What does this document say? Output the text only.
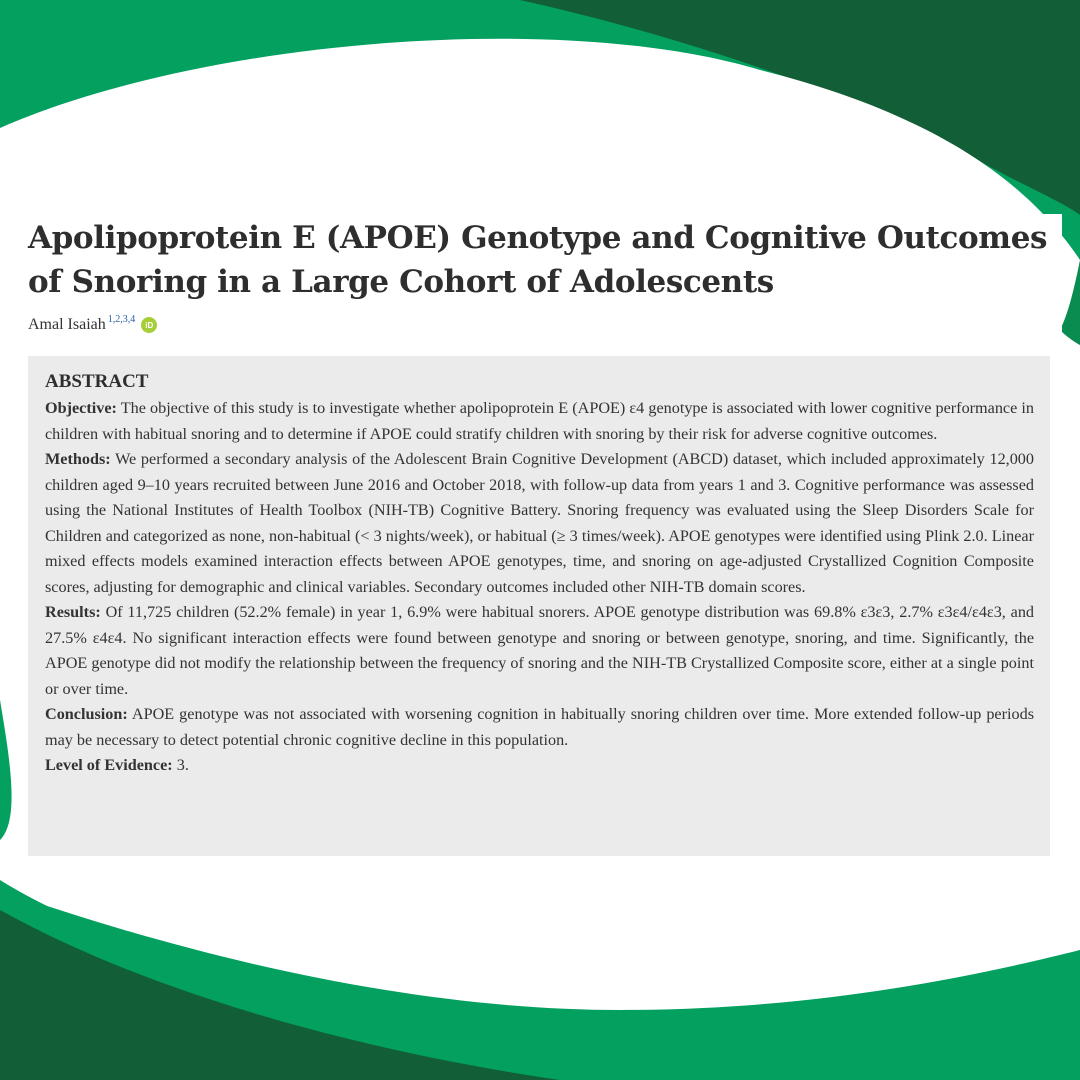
Apolipoprotein E (APOE) Genotype and Cognitive Outcomes of Snoring in a Large Cohort of Adolescents
Amal Isaiah$^{1,2,3,4}$ iD
ABSTRACT

Objective: The objective of this study is to investigate whether apolipoprotein E (APOE) ε4 genotype is associated with lower cognitive performance in children with habitual snoring and to determine if APOE could stratify children with snoring by their risk for adverse cognitive outcomes.

Methods: We performed a secondary analysis of the Adolescent Brain Cognitive Development (ABCD) dataset, which included approximately 12,000 children aged 9–10 years recruited between June 2016 and October 2018, with follow-up data from years 1 and 3. Cognitive performance was assessed using the National Institutes of Health Toolbox (NIH-TB) Cognitive Battery. Snoring frequency was evaluated using the Sleep Disorders Scale for Children and categorized as none, non-habitual (< 3 nights/week), or habitual (≥ 3 times/week). APOE genotypes were identified using Plink 2.0. Linear mixed effects models examined interaction effects between APOE genotypes, time, and snoring on age-adjusted Crystallized Cognition Composite scores, adjusting for demographic and clinical variables. Secondary outcomes included other NIH-TB domain scores.

Results: Of 11,725 children (52.2% female) in year 1, 6.9% were habitual snorers. APOE genotype distribution was 69.8% ε3ε3, 2.7% ε3ε4/ε4ε3, and 27.5% ε4ε4. No significant interaction effects were found between genotype and snoring or between genotype, snoring, and time. Significantly, the APOE genotype did not modify the relationship between the frequency of snoring and the NIH-TB Crystallized Composite score, either at a single point or over time.

Conclusion: APOE genotype was not associated with worsening cognition in habitually snoring children over time. More extended follow-up periods may be necessary to detect potential chronic cognitive decline in this population.

Level of Evidence: 3.
